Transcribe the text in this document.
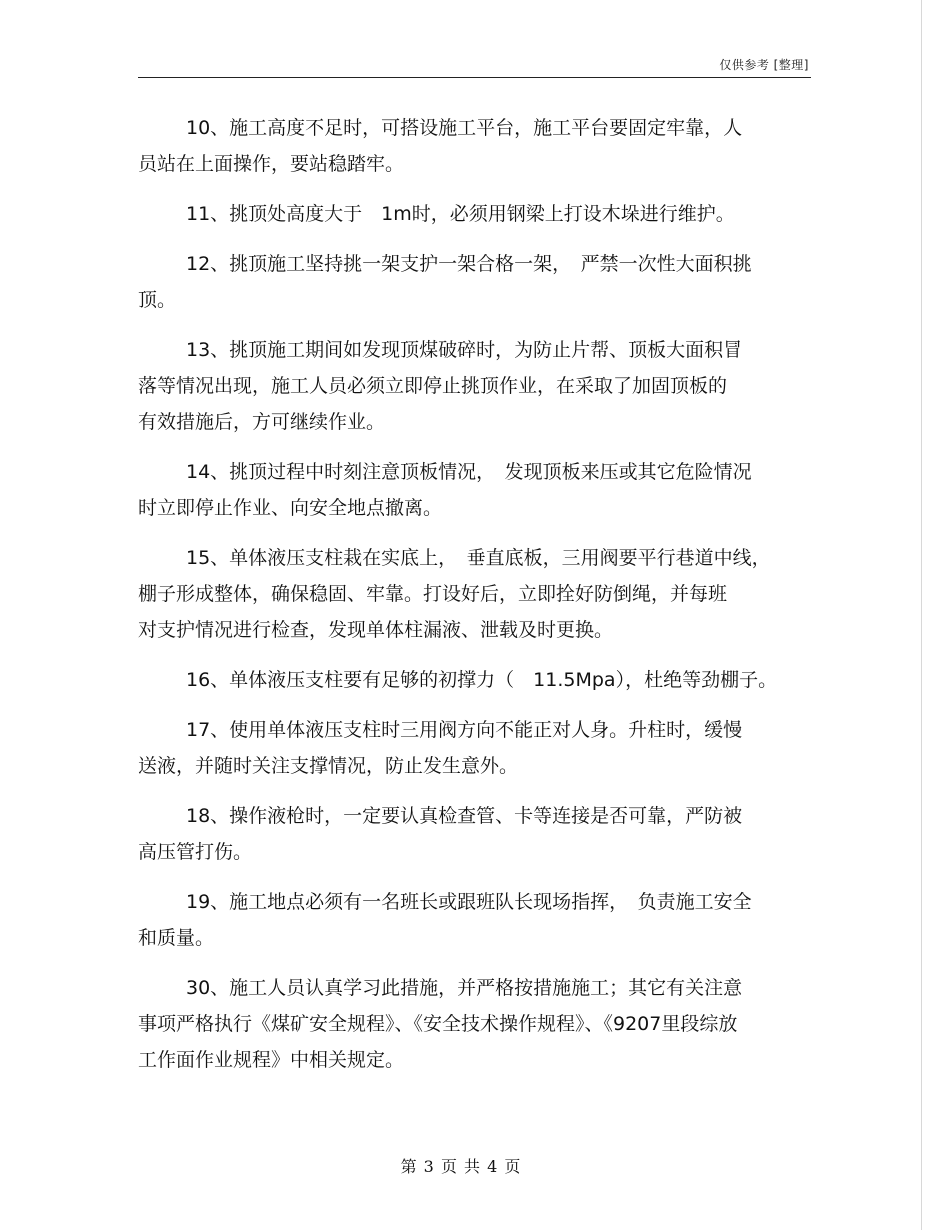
仅供参考 [整理]
10、施工高度不足时，可搭设施工平台，施工平台要固定牢靠，人
员站在上面操作，要站稳踏牢。
11、挑顶处高度大于　1m时，必须用钢梁上打设木垛进行维护。
12、挑顶施工坚持挑一架支护一架合格一架，　严禁一次性大面积挑
顶。
13、挑顶施工期间如发现顶煤破碎时，为防止片帮、顶板大面积冒
落等情况出现，施工人员必须立即停止挑顶作业，在采取了加固顶板的
有效措施后，方可继续作业。
14、挑顶过程中时刻注意顶板情况，　发现顶板来压或其它危险情况
时立即停止作业、向安全地点撤离。
15、单体液压支柱栽在实底上，　垂直底板，三用阀要平行巷道中线，
棚子形成整体，确保稳固、牢靠。打设好后，立即拴好防倒绳，并每班
对支护情况进行检查，发现单体柱漏液、泄载及时更换。
16、单体液压支柱要有足够的初撑力（　11.5Mpa），杜绝等劲棚子。
17、使用单体液压支柱时三用阀方向不能正对人身。升柱时，缓慢
送液，并随时关注支撑情况，防止发生意外。
18、操作液枪时，一定要认真检查管、卡等连接是否可靠，严防被
高压管打伤。
19、施工地点必须有一名班长或跟班队长现场指挥，　负责施工安全
和质量。
30、施工人员认真学习此措施，并严格按措施施工；其它有关注意
事项严格执行《煤矿安全规程》、《安全技术操作规程》、《9207里段综放
工作面作业规程》中相关规定。
第 3 页 共 4 页
